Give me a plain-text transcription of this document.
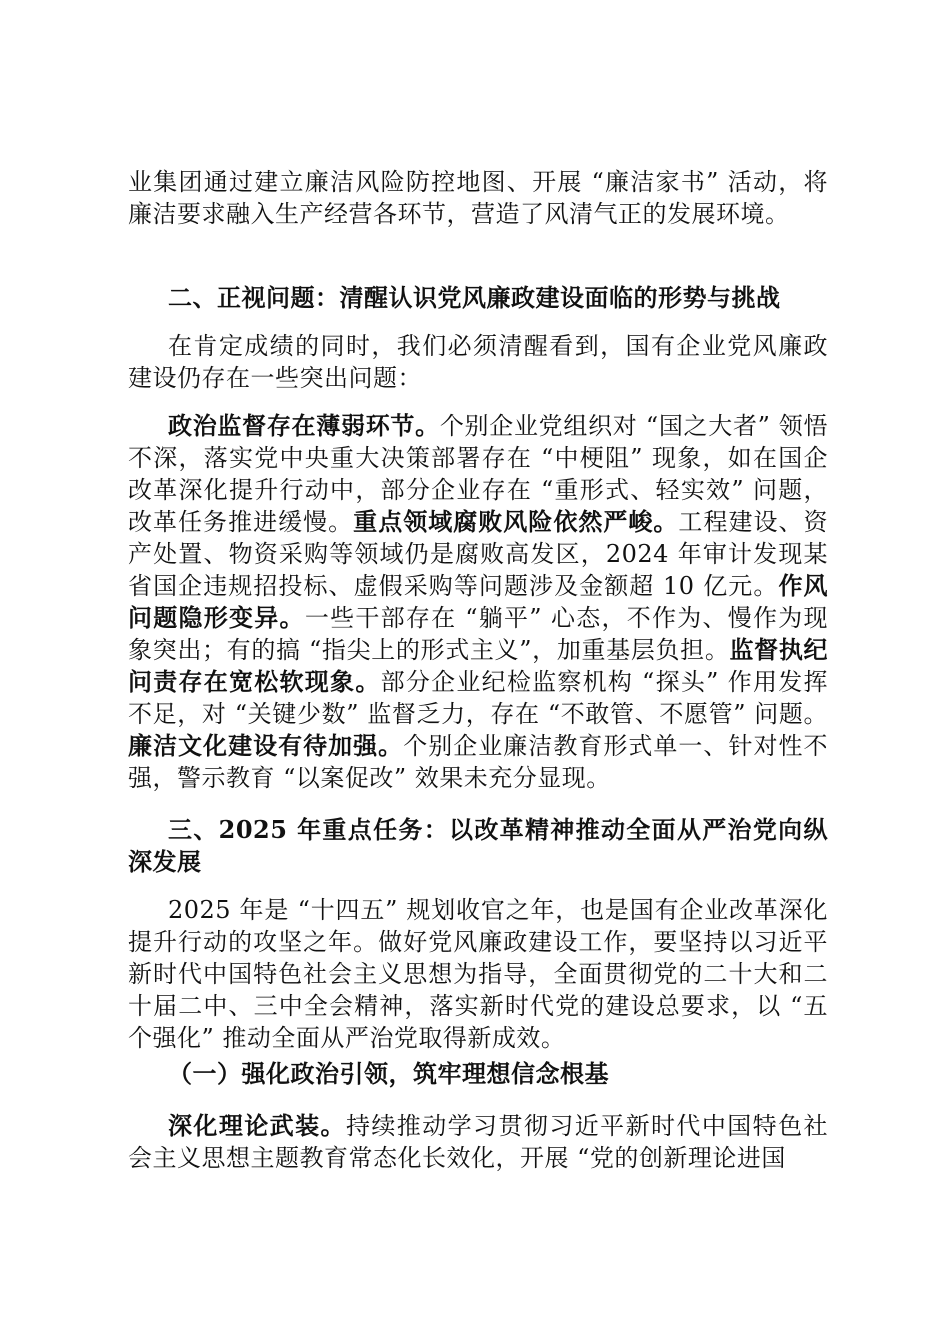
业集团通过建立廉洁风险防控地图、开展 “廉洁家书” 活动，将廉洁要求融入生产经营各环节，营造了风清气正的发展环境。

二、正视问题：清醒认识党风廉政建设面临的形势与挑战

在肯定成绩的同时，我们必须清醒看到，国有企业党风廉政建设仍存在一些突出问题：

政治监督存在薄弱环节。个别企业党组织对 “国之大者” 领悟不深，落实党中央重大决策部署存在 “中梗阻” 现象，如在国企改革深化提升行动中，部分企业存在 “重形式、轻实效” 问题，改革任务推进缓慢。重点领域腐败风险依然严峻。工程建设、资产处置、物资采购等领域仍是腐败高发区，2024 年审计发现某省国企违规招投标、虚假采购等问题涉及金额超 10 亿元。作风问题隐形变异。一些干部存在 “躺平” 心态，不作为、慢作为现象突出；有的搞 “指尖上的形式主义”，加重基层负担。监督执纪问责存在宽松软现象。部分企业纪检监察机构 “探头” 作用发挥不足，对 “关键少数” 监督乏力，存在 “不敢管、不愿管” 问题。廉洁文化建设有待加强。个别企业廉洁教育形式单一、针对性不强，警示教育 “以案促改” 效果未充分显现。

三、2025 年重点任务：以改革精神推动全面从严治党向纵深发展

2025 年是 “十四五” 规划收官之年，也是国有企业改革深化提升行动的攻坚之年。做好党风廉政建设工作，要坚持以习近平新时代中国特色社会主义思想为指导，全面贯彻党的二十大和二十届二中、三中全会精神，落实新时代党的建设总要求，以 “五个强化” 推动全面从严治党取得新成效。

（一）强化政治引领，筑牢理想信念根基

深化理论武装。持续推动学习贯彻习近平新时代中国特色社会主义思想主题教育常态化长效化，开展 “党的创新理论进国
